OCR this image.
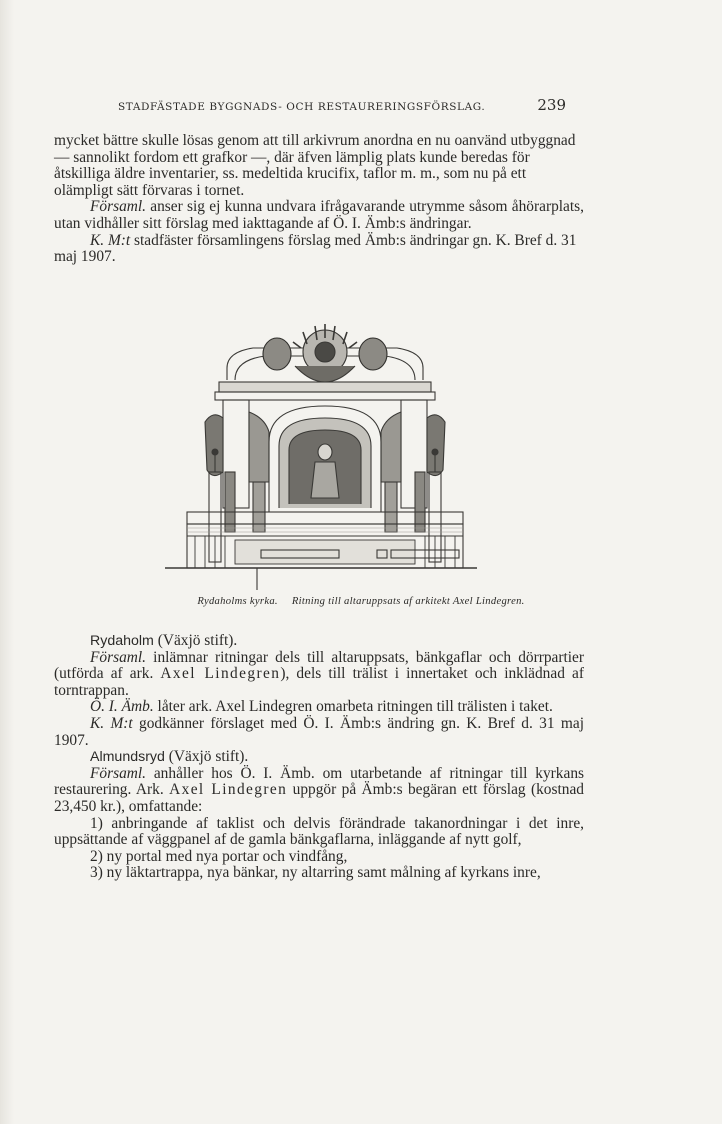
STADFÄSTADE BYGGNADS- OCH RESTAURERINGSFÖRSLAG.	239

mycket bättre skulle lösas genom att till arkivrum anordna en nu oanvänd utbyggnad — sannolikt fordom ett grafkor —, där äfven lämplig plats kunde beredas för åtskilliga äldre inventarier, ss. medeltida krucifix, taflor m. m., som nu på ett olämpligt sätt förvaras i tornet.

Församl. anser sig ej kunna undvara ifrågavarande utrymme såsom åhörarplats, utan vidhåller sitt förslag med iakttagande af Ö. I. Ämb:s ändringar.

K. M:t stadfäster församlingens förslag med Ämb:s ändringar gn. K. Bref d. 31 maj 1907.

Rydaholms kyrka. Ritning till altaruppsats af arkitekt Axel Lindegren.

Rydaholm (Växjö stift).

Församl. inlämnar ritningar dels till altaruppsats, bänkgaflar och dörrpartier (utförda af ark. Axel Lindegren), dels till trälist i innertaket och inklädnad af torntrappan.

Ö. I. Ämb. låter ark. Axel Lindegren omarbeta ritningen till trälisten i taket.

K. M:t godkänner förslaget med Ö. I. Ämb:s ändring gn. K. Bref d. 31 maj 1907.

Almundsryd (Växjö stift).

Församl. anhåller hos Ö. I. Ämb. om utarbetande af ritningar till kyrkans restaurering. Ark. Axel Lindegren uppgör på Ämb:s begäran ett förslag (kostnad 23,450 kr.), omfattande:

1) anbringande af taklist och delvis förändrade takanordningar i det inre, uppsättande af väggpanel af de gamla bänkgaflarna, inläggande af nytt golf,

2) ny portal med nya portar och vindfång,

3) ny läktartrappa, nya bänkar, ny altarring samt målning af kyrkans inre,
